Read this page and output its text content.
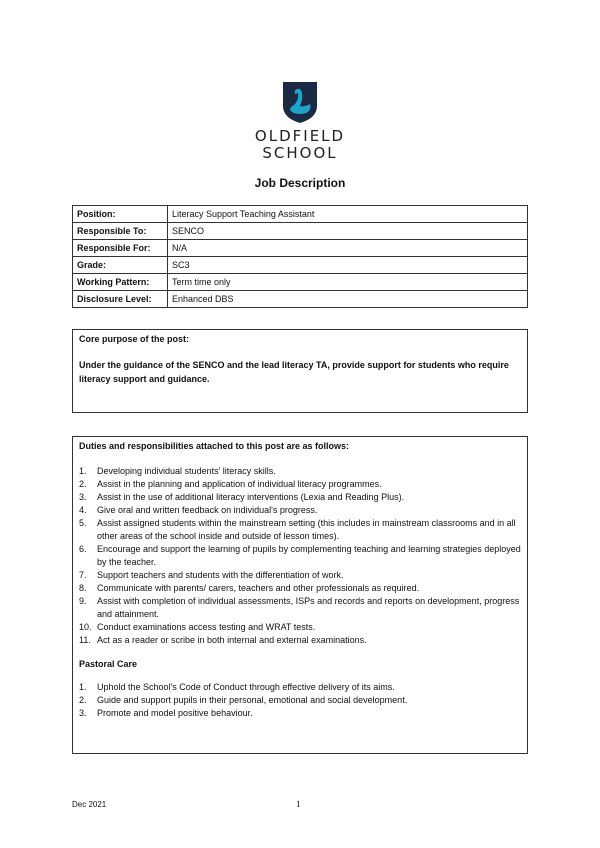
OLDFIELD
SCHOOL
Job Description
Position:	Literacy Support Teaching Assistant
Responsible To:	SENCO
Responsible For:	N/A
Grade:	SC3
Working Pattern:	Term time only
Disclosure Level:	Enhanced DBS

Core purpose of the post:

Under the guidance of the SENCO and the lead literacy TA, provide support for students who require literacy support and guidance.

Duties and responsibilities attached to this post are as follows:

1. Developing individual students' literacy skills.
2. Assist in the planning and application of individual literacy programmes.
3. Assist in the use of additional literacy interventions (Lexia and Reading Plus).
4. Give oral and written feedback on individual's progress.
5. Assist assigned students within the mainstream setting (this includes in mainstream classrooms and in all other areas of the school inside and outside of lesson times).
6. Encourage and support the learning of pupils by complementing teaching and learning strategies deployed by the teacher.
7. Support teachers and students with the differentiation of work.
8. Communicate with parents/ carers, teachers and other professionals as required.
9. Assist with completion of individual assessments, ISPs and records and reports on development, progress and attainment.
10. Conduct examinations access testing and WRAT tests.
11. Act as a reader or scribe in both internal and external examinations.

Pastoral Care

1. Uphold the School's Code of Conduct through effective delivery of its aims.
2. Guide and support pupils in their personal, emotional and social development.
3. Promote and model positive behaviour.
Dec 2021	1
